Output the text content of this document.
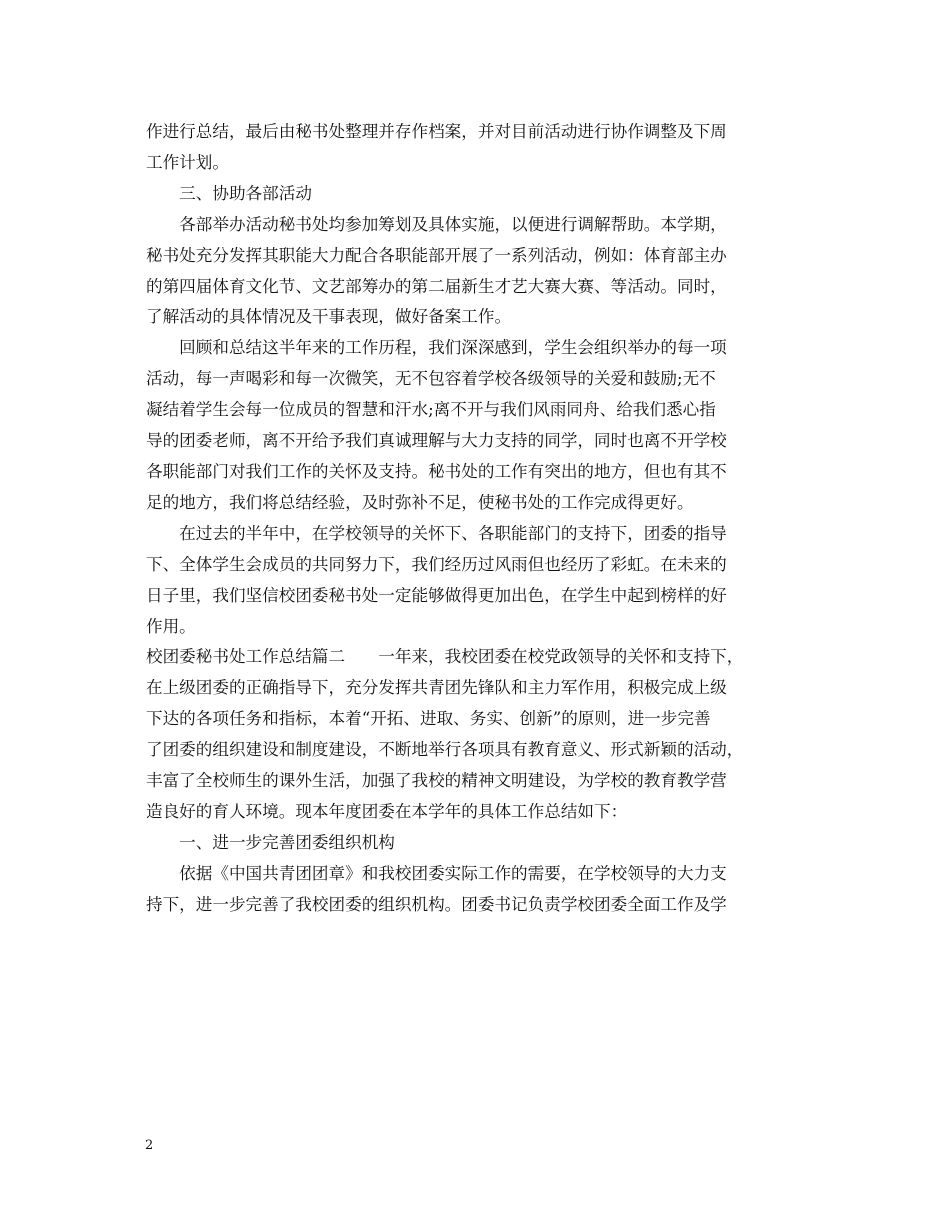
作进行总结，最后由秘书处整理并存作档案，并对目前活动进行协作调整及下周

工作计划。

　　三、协助各部活动

　　各部举办活动秘书处均参加筹划及具体实施，以便进行调解帮助。本学期，

秘书处充分发挥其职能大力配合各职能部开展了一系列活动，例如：体育部主办

的第四届体育文化节、文艺部筹办的第二届新生才艺大赛大赛、等活动。同时，

了解活动的具体情况及干事表现，做好备案工作。

　　回顾和总结这半年来的工作历程，我们深深感到，学生会组织举办的每一项

活动，每一声喝彩和每一次微笑，无不包容着学校各级领导的关爱和鼓励;无不

凝结着学生会每一位成员的智慧和汗水;离不开与我们风雨同舟、给我们悉心指

导的团委老师，离不开给予我们真诚理解与大力支持的同学，同时也离不开学校

各职能部门对我们工作的关怀及支持。秘书处的工作有突出的地方，但也有其不

足的地方，我们将总结经验，及时弥补不足，使秘书处的工作完成得更好。

　　在过去的半年中，在学校领导的关怀下、各职能部门的支持下，团委的指导

下、全体学生会成员的共同努力下，我们经历过风雨但也经历了彩虹。在未来的

日子里，我们坚信校团委秘书处一定能够做得更加出色，在学生中起到榜样的好

作用。

校团委秘书处工作总结篇二　　一年来，我校团委在校党政领导的关怀和支持下，

在上级团委的正确指导下，充分发挥共青团先锋队和主力军作用，积极完成上级

下达的各项任务和指标，本着“开拓、进取、务实、创新”的原则，进一步完善

了团委的组织建设和制度建设，不断地举行各项具有教育意义、形式新颖的活动，

丰富了全校师生的课外生活，加强了我校的精神文明建设，为学校的教育教学营

造良好的育人环境。现本年度团委在本学年的具体工作总结如下：

　　一、进一步完善团委组织机构

　　依据《中国共青团团章》和我校团委实际工作的需要，在学校领导的大力支

持下，进一步完善了我校团委的组织机构。团委书记负责学校团委全面工作及学

2
